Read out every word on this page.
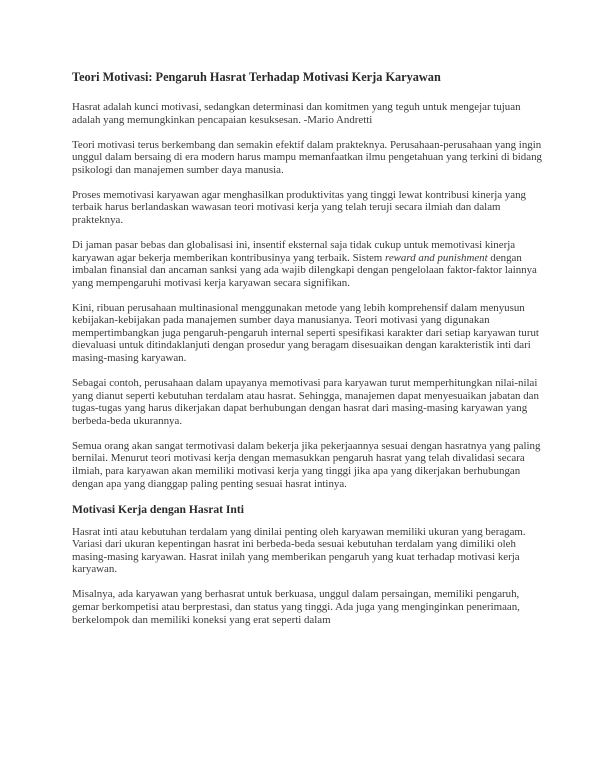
Teori Motivasi: Pengaruh Hasrat Terhadap Motivasi Kerja Karyawan

Hasrat adalah kunci motivasi, sedangkan determinasi dan komitmen yang teguh untuk mengejar tujuan adalah yang memungkinkan pencapaian kesuksesan. -Mario Andretti

Teori motivasi terus berkembang dan semakin efektif dalam prakteknya. Perusahaan-perusahaan yang ingin unggul dalam bersaing di era modern harus mampu memanfaatkan ilmu pengetahuan yang terkini di bidang psikologi dan manajemen sumber daya manusia.

Proses memotivasi karyawan agar menghasilkan produktivitas yang tinggi lewat kontribusi kinerja yang terbaik harus berlandaskan wawasan teori motivasi kerja yang telah teruji secara ilmiah dan dalam prakteknya.

Di jaman pasar bebas dan globalisasi ini, insentif eksternal saja tidak cukup untuk memotivasi kinerja karyawan agar bekerja memberikan kontribusinya yang terbaik. Sistem reward and punishment dengan imbalan finansial dan ancaman sanksi yang ada wajib dilengkapi dengan pengelolaan faktor-faktor lainnya yang mempengaruhi motivasi kerja karyawan secara signifikan.

Kini, ribuan perusahaan multinasional menggunakan metode yang lebih komprehensif dalam menyusun kebijakan-kebijakan pada manajemen sumber daya manusianya. Teori motivasi yang digunakan mempertimbangkan juga pengaruh-pengaruh internal seperti spesifikasi karakter dari setiap karyawan turut dievaluasi untuk ditindaklanjuti dengan prosedur yang beragam disesuaikan dengan karakteristik inti dari masing-masing karyawan.

Sebagai contoh, perusahaan dalam upayanya memotivasi para karyawan turut memperhitungkan nilai-nilai yang dianut seperti kebutuhan terdalam atau hasrat. Sehingga, manajemen dapat menyesuaikan jabatan dan tugas-tugas yang harus dikerjakan dapat berhubungan dengan hasrat dari masing-masing karyawan yang berbeda-beda ukurannya.

Semua orang akan sangat termotivasi dalam bekerja jika pekerjaannya sesuai dengan hasratnya yang paling bernilai. Menurut teori motivasi kerja dengan memasukkan pengaruh hasrat yang telah divalidasi secara ilmiah, para karyawan akan memiliki motivasi kerja yang tinggi jika apa yang dikerjakan berhubungan dengan apa yang dianggap paling penting sesuai hasrat intinya.

Motivasi Kerja dengan Hasrat Inti

Hasrat inti atau kebutuhan terdalam yang dinilai penting oleh karyawan memiliki ukuran yang beragam. Variasi dari ukuran kepentingan hasrat ini berbeda-beda sesuai kebutuhan terdalam yang dimiliki oleh masing-masing karyawan. Hasrat inilah yang memberikan pengaruh yang kuat terhadap motivasi kerja karyawan.

Misalnya, ada karyawan yang berhasrat untuk berkuasa, unggul dalam persaingan, memiliki pengaruh, gemar berkompetisi atau berprestasi, dan status yang tinggi. Ada juga yang menginginkan penerimaan, berkelompok dan memiliki koneksi yang erat seperti dalam
